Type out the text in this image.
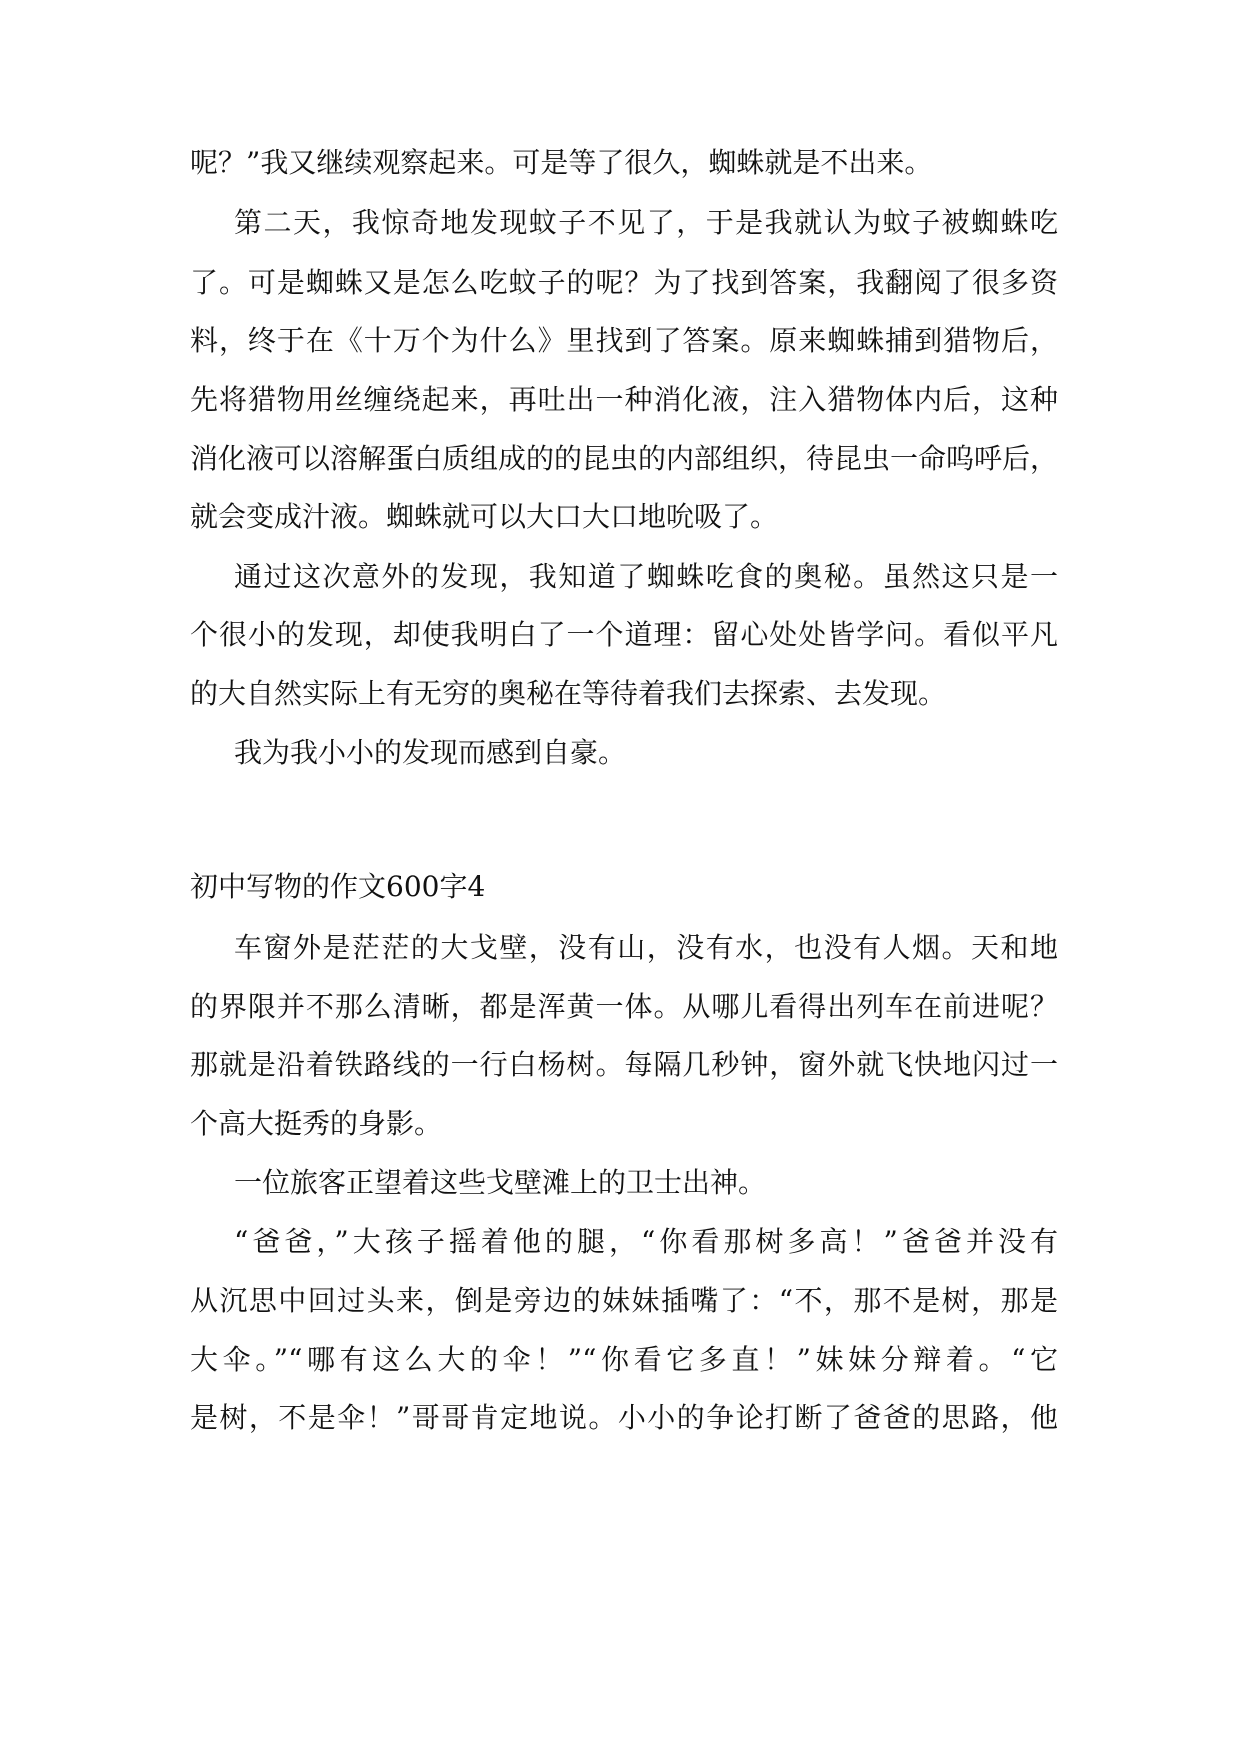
呢？”我又继续观察起来。可是等了很久，蜘蛛就是不出来。
第二天，我惊奇地发现蚊子不见了，于是我就认为蚊子被蜘蛛吃
了。可是蜘蛛又是怎么吃蚊子的呢？为了找到答案，我翻阅了很多资
料，终于在《十万个为什么》里找到了答案。原来蜘蛛捕到猎物后，
先将猎物用丝缠绕起来，再吐出一种消化液，注入猎物体内后，这种
消化液可以溶解蛋白质组成的的昆虫的内部组织，待昆虫一命呜呼后，
就会变成汁液。蜘蛛就可以大口大口地吮吸了。
通过这次意外的发现，我知道了蜘蛛吃食的奥秘。虽然这只是一
个很小的发现，却使我明白了一个道理：留心处处皆学问。看似平凡
的大自然实际上有无穷的奥秘在等待着我们去探索、去发现。
我为我小小的发现而感到自豪。
初中写物的作文600字4
车窗外是茫茫的大戈壁，没有山，没有水，也没有人烟。天和地
的界限并不那么清晰，都是浑黄一体。从哪儿看得出列车在前进呢？
那就是沿着铁路线的一行白杨树。每隔几秒钟，窗外就飞快地闪过一
个高大挺秀的身影。
一位旅客正望着这些戈壁滩上的卫士出神。
“爸爸，”大孩子摇着他的腿，“你看那树多高！”爸爸并没有
从沉思中回过头来，倒是旁边的妹妹插嘴了：“不，那不是树，那是
大伞。”“哪有这么大的伞！”“你看它多直！”妹妹分辩着。“它
是树，不是伞！”哥哥肯定地说。小小的争论打断了爸爸的思路，他
